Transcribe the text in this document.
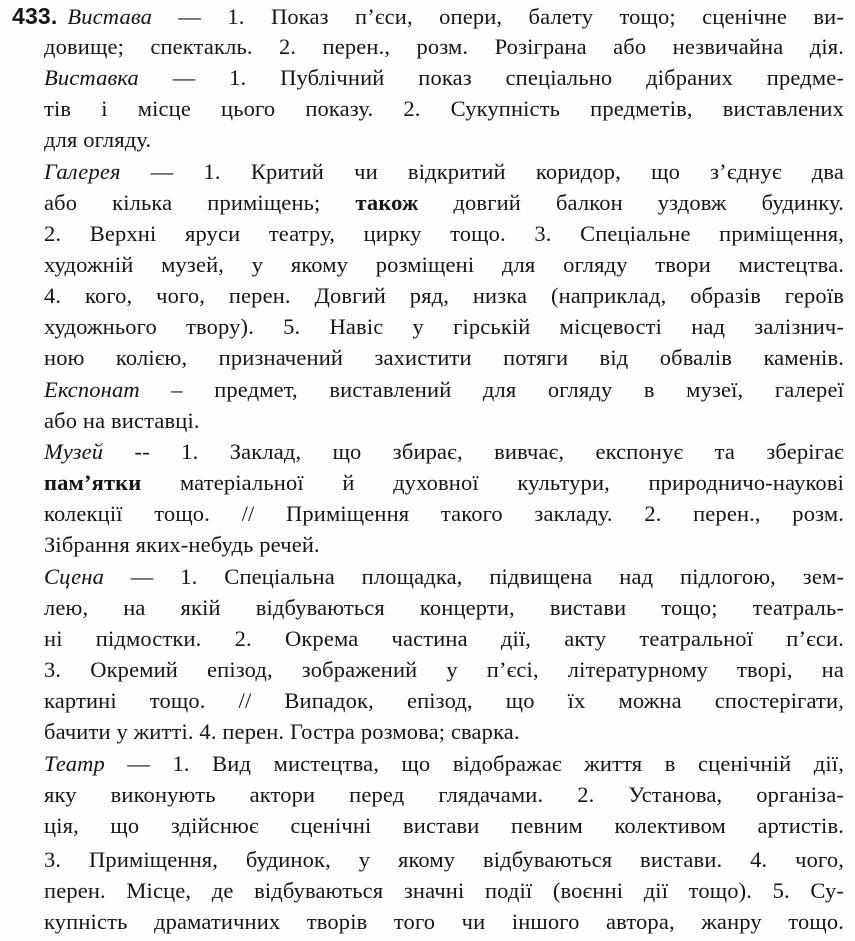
433. Вистава — 1. Показ п’єси, опери, балету тощо; сценічне ви-
довище; спектакль. 2. перен., розм. Розіграна або незвичайна дія.
Виставка — 1. Публічний показ спеціально дібраних предме-
тів і місце цього показу. 2. Сукупність предметів, виставлених
для огляду.
Галерея — 1. Критий чи відкритий коридор, що з’єднує два
або кілька приміщень; також довгий балкон уздовж будинку.
2. Верхні яруси театру, цирку тощо. 3. Спеціальне приміщення,
художній музей, у якому розміщені для огляду твори мистецтва.
4. кого, чого, перен. Довгий ряд, низка (наприклад, образів героїв
художнього твору). 5. Навіс у гірській місцевості над залізнич-
ною колією, призначений захистити потяги від обвалів каменів.
Експонат – предмет, виставлений для огляду в музеї, галереї
або на виставці.
Музей -- 1. Заклад, що збирає, вивчає, експонує та зберігає
пам’ятки матеріальної й духовної культури, природничо-наукові
колекції тощо. // Приміщення такого закладу. 2. перен., розм.
Зібрання яких-небудь речей.
Сцена — 1. Спеціальна площадка, підвищена над підлогою, зем-
лею, на якій відбуваються концерти, вистави тощо; театраль-
ні підмостки. 2. Окрема частина дії, акту театральної п’єси.
3. Окремий епізод, зображений у п’єсі, літературному творі, на
картині тощо. // Випадок, епізод, що їх можна спостерігати,
бачити у житті. 4. перен. Гостра розмова; сварка.
Театр — 1. Вид мистецтва, що відображає життя в сценічній дії,
яку виконують актори перед глядачами. 2. Установа, організа-
ція, що здійснює сценічні вистави певним колективом артистів.
3. Приміщення, будинок, у якому відбуваються вистави. 4. чого,
перен. Місце, де відбуваються значні події (воєнні дії тощо). 5. Су-
купність драматичних творів того чи іншого автора, жанру тощо.
